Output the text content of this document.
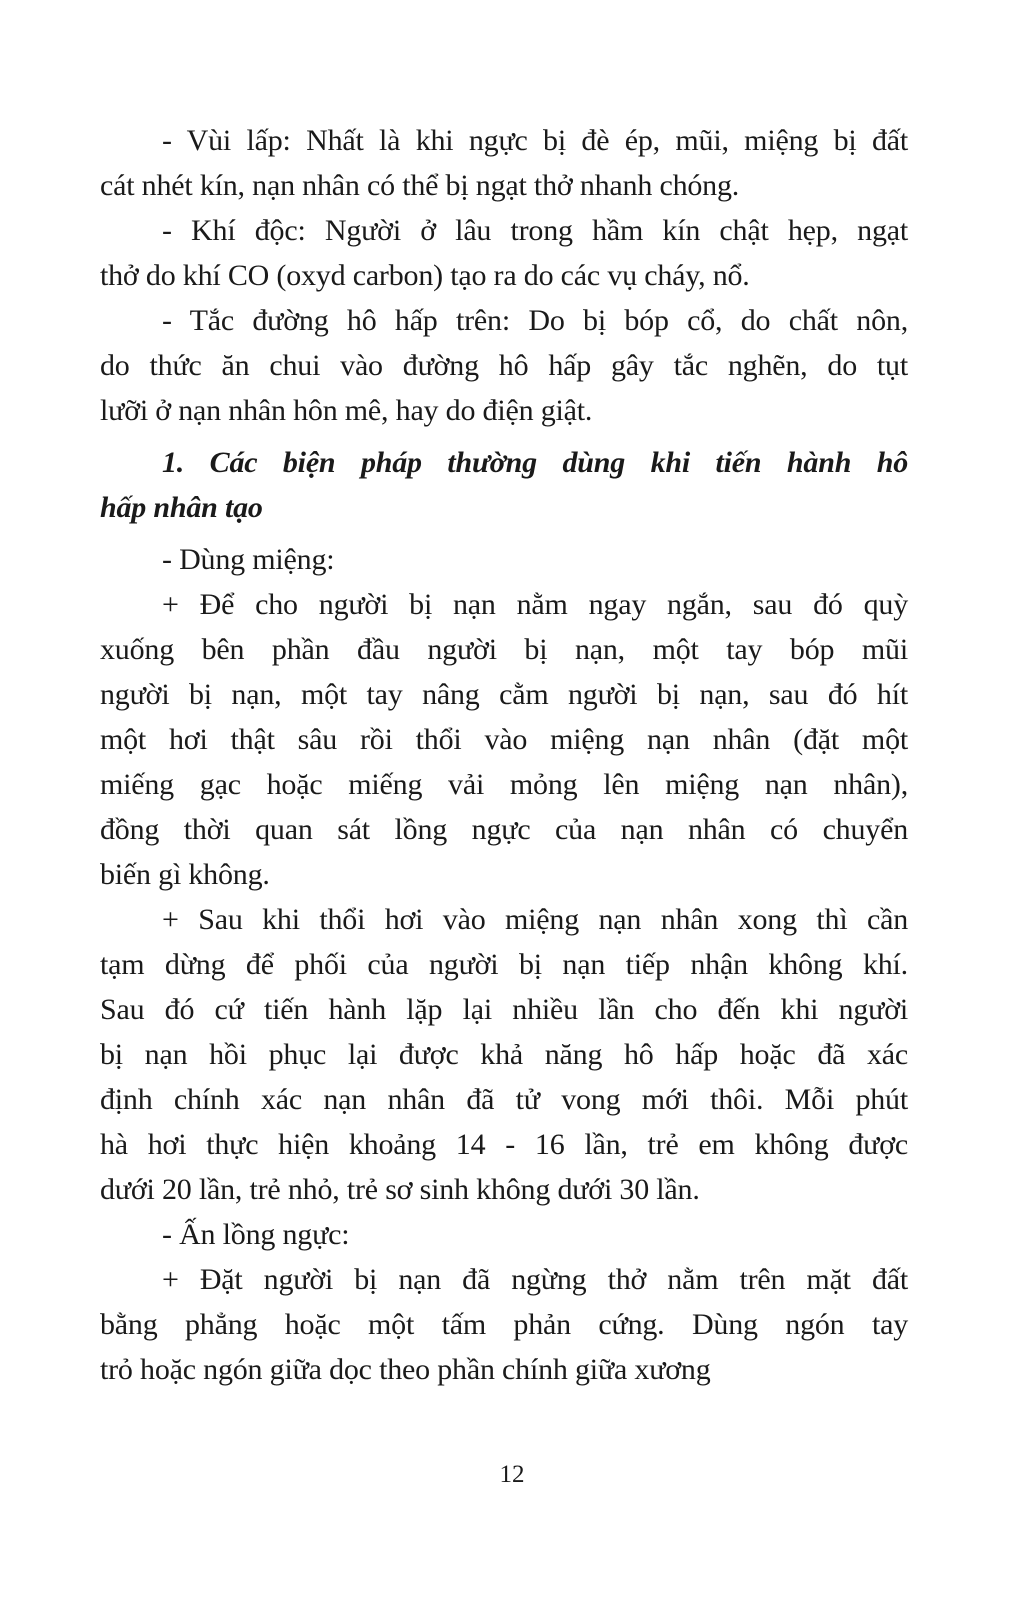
- Vùi lấp: Nhất là khi ngực bị đè ép, mũi, miệng bị đất
cát nhét kín, nạn nhân có thể bị ngạt thở nhanh chóng.
- Khí độc: Người ở lâu trong hầm kín chật hẹp, ngạt
thở do khí CO (oxyd carbon) tạo ra do các vụ cháy, nổ.
- Tắc đường hô hấp trên: Do bị bóp cổ, do chất nôn,
do thức ăn chui vào đường hô hấp gây tắc nghẽn, do tụt
lưỡi ở nạn nhân hôn mê, hay do điện giật.
1. Các biện pháp thường dùng khi tiến hành hô
hấp nhân tạo
- Dùng miệng:
+ Để cho người bị nạn nằm ngay ngắn, sau đó quỳ
xuống bên phần đầu người bị nạn, một tay bóp mũi
người bị nạn, một tay nâng cằm người bị nạn, sau đó hít
một hơi thật sâu rồi thổi vào miệng nạn nhân (đặt một
miếng gạc hoặc miếng vải mỏng lên miệng nạn nhân),
đồng thời quan sát lồng ngực của nạn nhân có chuyển
biến gì không.
+ Sau khi thổi hơi vào miệng nạn nhân xong thì cần
tạm dừng để phối của người bị nạn tiếp nhận không khí.
Sau đó cứ tiến hành lặp lại nhiều lần cho đến khi người
bị nạn hồi phục lại được khả năng hô hấp hoặc đã xác
định chính xác nạn nhân đã tử vong mới thôi. Mỗi phút
hà hơi thực hiện khoảng 14 - 16 lần, trẻ em không được
dưới 20 lần, trẻ nhỏ, trẻ sơ sinh không dưới 30 lần.
- Ấn lồng ngực:
+ Đặt người bị nạn đã ngừng thở nằm trên mặt đất
bằng phẳng hoặc một tấm phản cứng. Dùng ngón tay
trỏ hoặc ngón giữa dọc theo phần chính giữa xương
12
